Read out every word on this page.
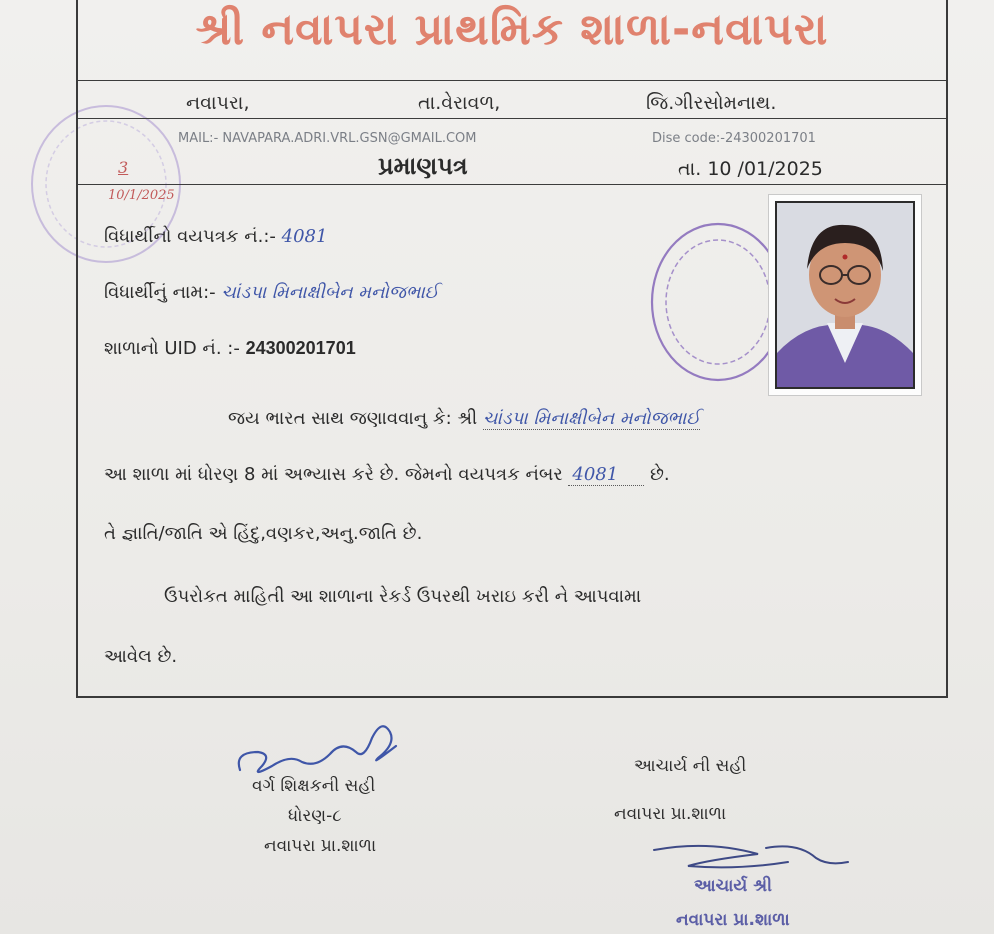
શ્રી નવાપરા પ્રાથમિક શાળા-નવાપરા
નવાપરા,	તા.વેરાવળ,	જિ.ગીરસોમનાથ.
MAIL:- NAVAPARA.ADRI.VRL.GSN@GMAIL.COM	Dise code:-24300201701
પ્રમાણપત્ર	તા. 10 /01/2025
3
10/1/2025
વિધાર્થીનો વયપત્રક નં.:- 4081
વિધાર્થીનું નામ:- ચાંડપા મિનાક્ષીબેન મનોજભાઈ
શાળાનો UID નં. :- 24300201701
જય ભારત સાથ જણાવવાનુ કે: શ્રી ચાંડપા મિનાક્ષીબેન મનોજભાઈ
આ શાળા માં ધોરણ 8 માં અભ્યાસ કરે છે. જેમનો વયપત્રક નંબર 4081 છે.
તે જ્ઞાતિ/જાતિ એ હિંદુ,વણકર,અનુ.જાતિ છે.
ઉપરોકત માહિતી આ શાળાના રેકર્ડ ઉપરથી ખરાઇ કરી ને આપવામા
આવેલ છે.
વર્ગ શિક્ષકની સહી
ધોરણ-૮
નવાપરા પ્રા.શાળા
આચાર્ય ની સહી
નવાપરા પ્રા.શાળા
આચાર્ય શ્રી
નવાપરા પ્રા.શાળા
